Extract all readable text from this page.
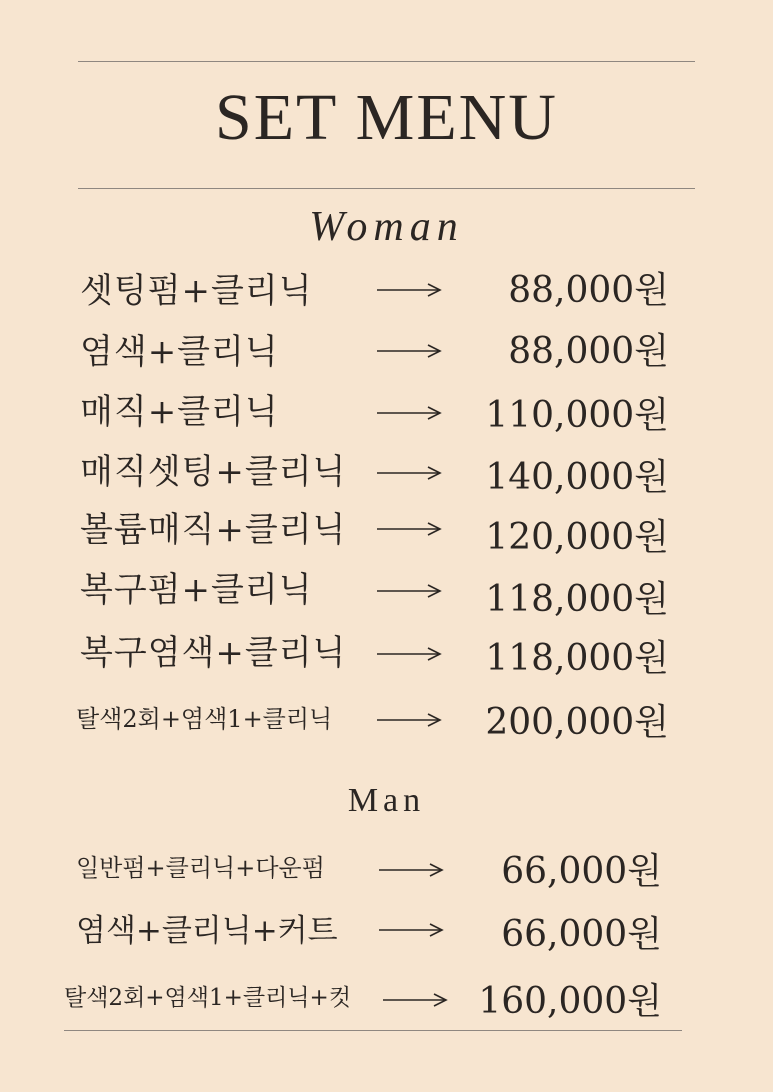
SET MENU
Woman
셋팅펌+클리닉	88,000원
염색+클리닉	88,000원
매직+클리닉	110,000원
매직셋팅+클리닉	140,000원
볼륨매직+클리닉	120,000원
복구펌+클리닉	118,000원
복구염색+클리닉	118,000원
탈색2회+염색1+클리닉	200,000원
Man
일반펌+클리닉+다운펌	66,000원
염색+클리닉+커트	66,000원
탈색2회+염색1+클리닉+컷	160,000원
